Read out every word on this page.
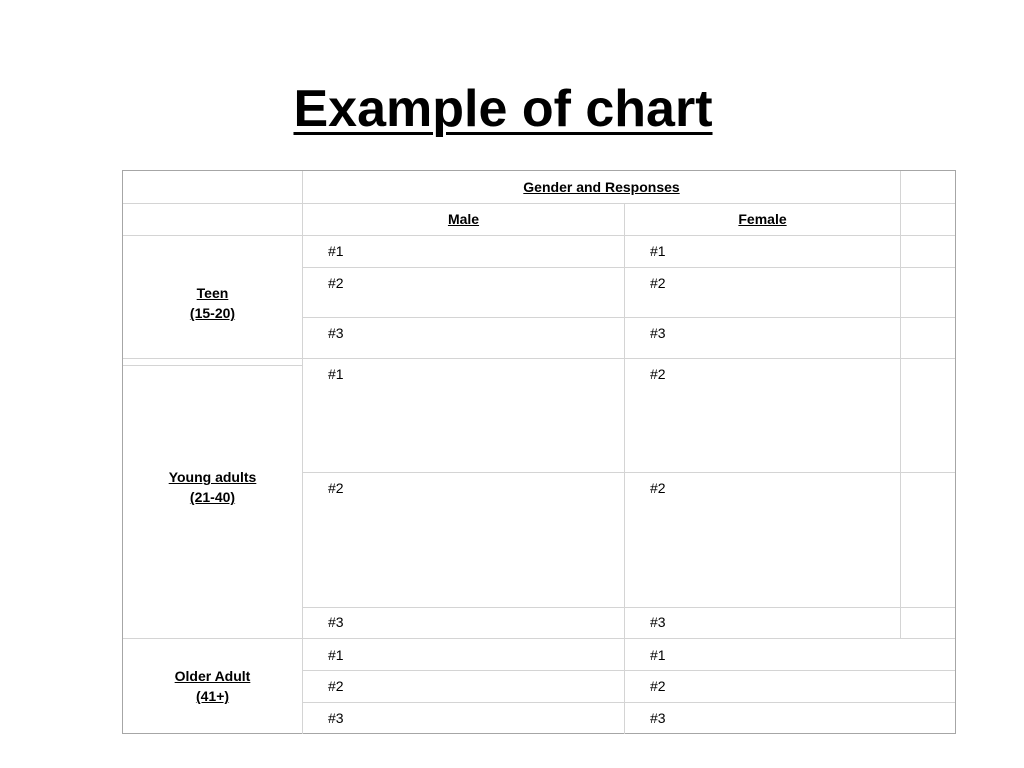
Example of chart
Gender and Responses
Male	Female
Teen
(15-20)
#1	#1
#2	#2
#3	#3
Young adults
(21-40)
#1	#2
#2	#2
#3	#3
Older Adult
(41+)
#1	#1
#2	#2
#3	#3
